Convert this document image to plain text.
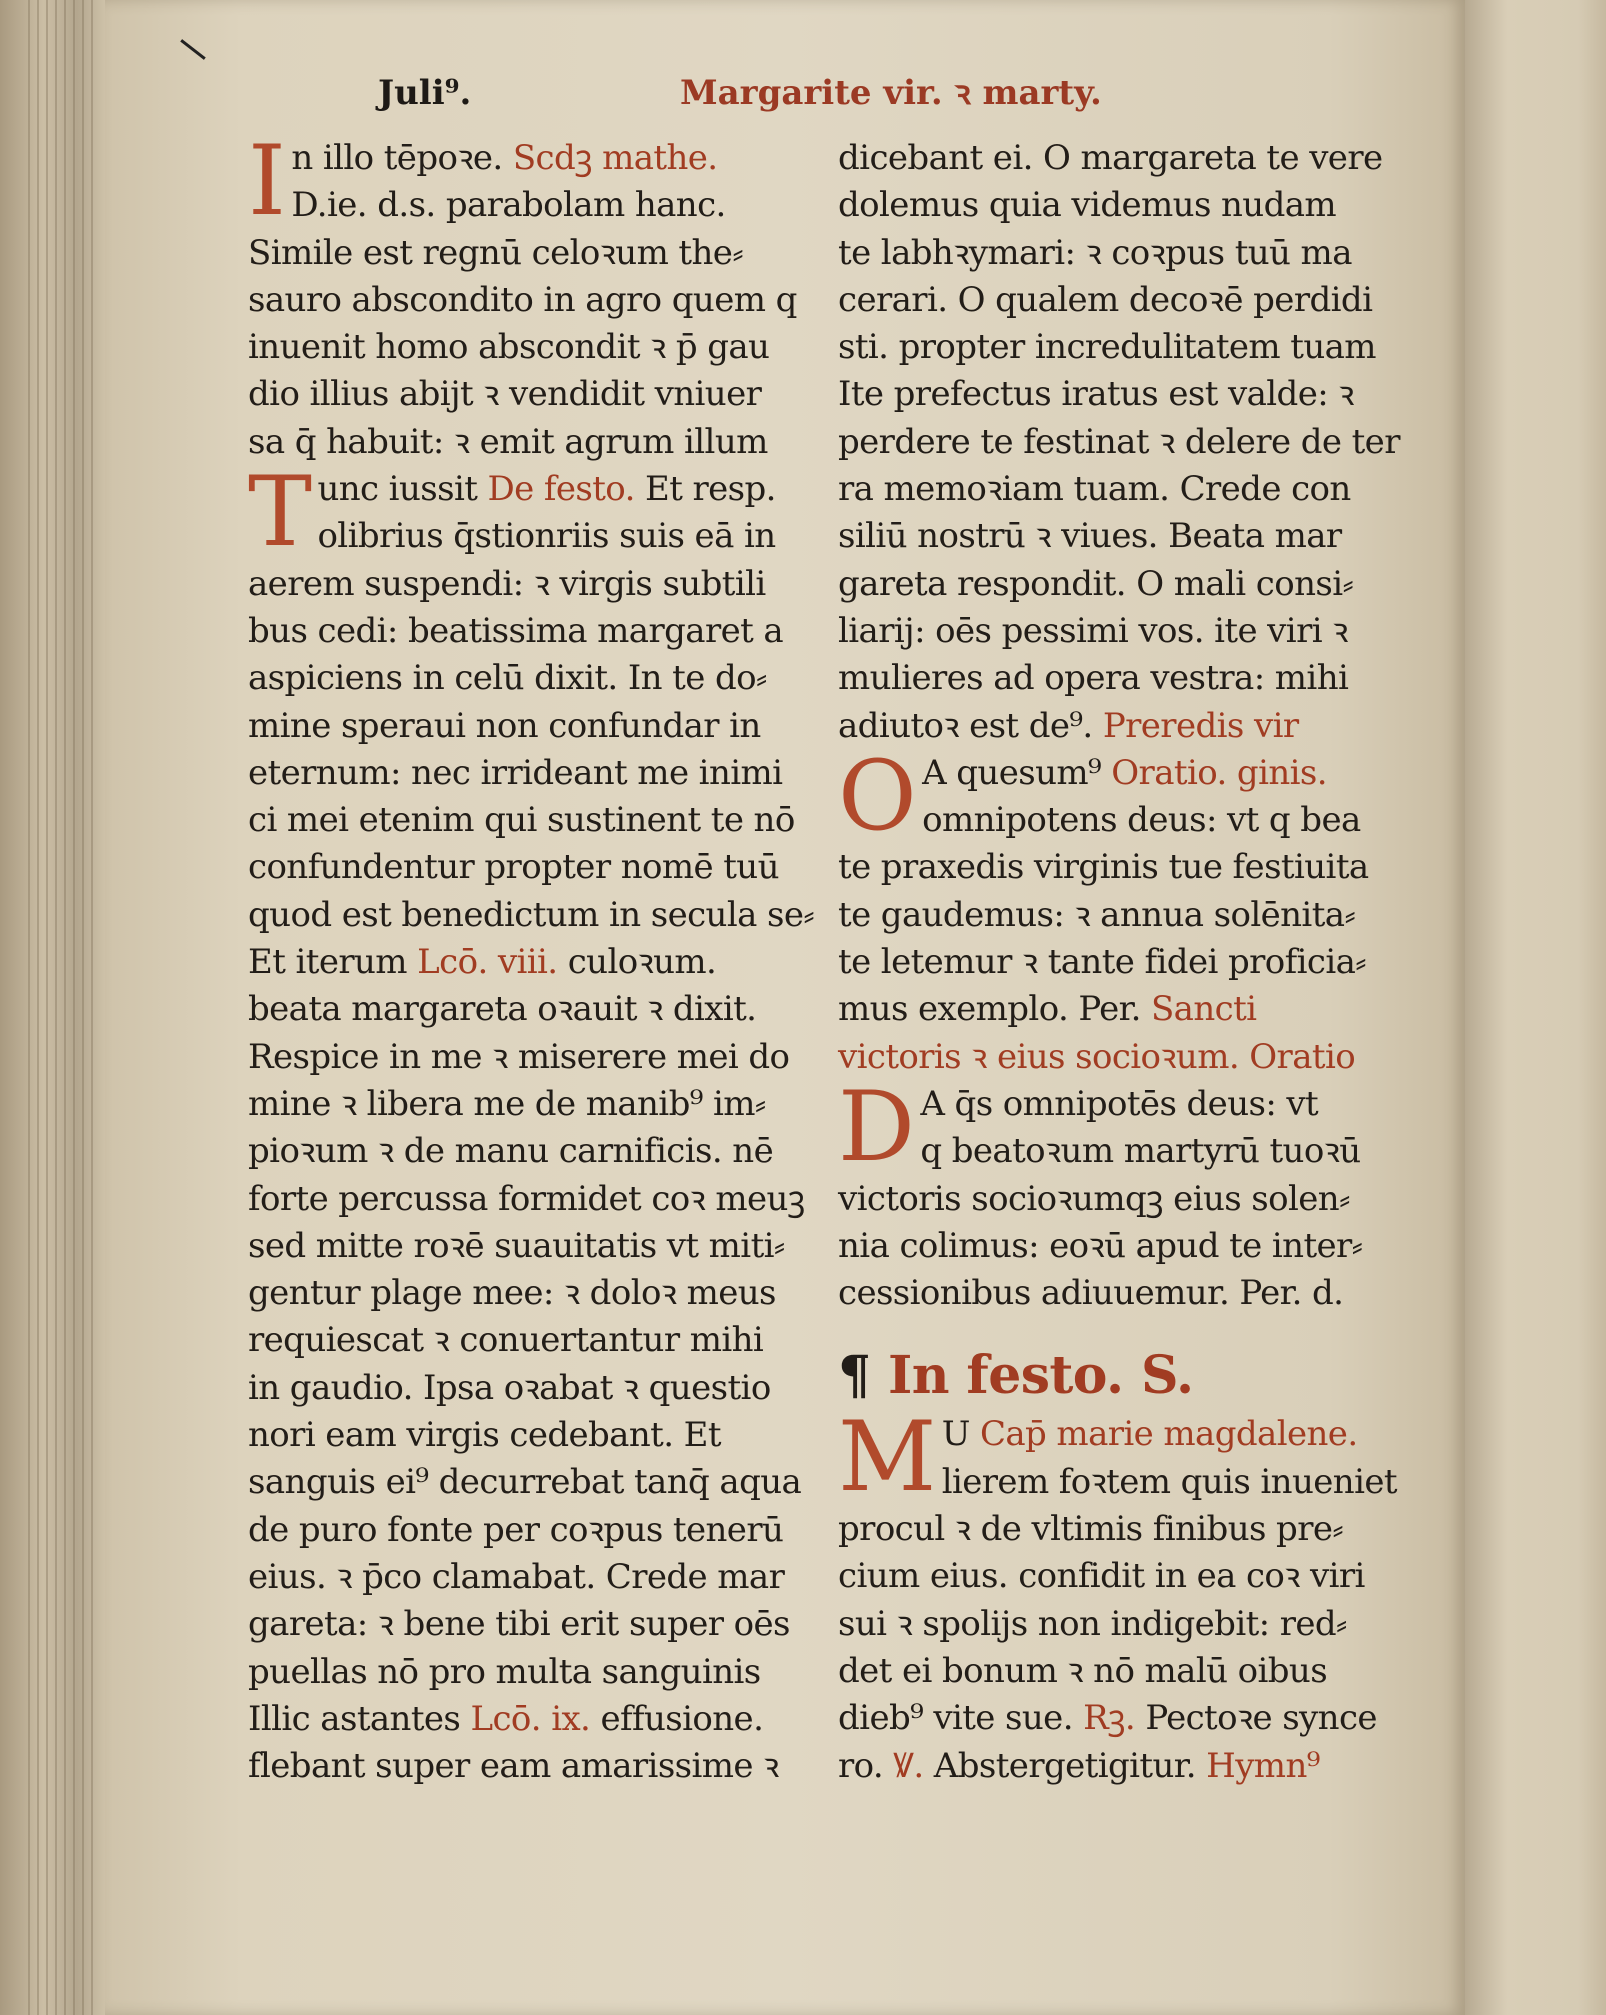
Juli⁹.	Margarite vir. ꝛ marty.
In illo tēpoꝛe. Scdꝫ mathe.
D.ie. d.s. parabolam hanc.
Simile est regnū celoꝛum the⸗
sauro abscondito in agro quem q
inuenit homo abscondit ꝛ p̄ gau
dio illius abijt ꝛ vendidit vniuer
sa q̄ habuit: ꝛ emit agrum illum
Tunc iussit De festo. Et resp.
olibrius q̄stionriis suis eā in
aerem suspendi: ꝛ virgis subtili
bus cedi: beatissima margaret a
aspiciens in celū dixit. In te do⸗
mine speraui non confundar in
eternum: nec irrideant me inimi
ci mei etenim qui sustinent te nō
confundentur propter nomē tuū
quod est benedictum in secula se⸗
Et iterum Lcō. viii. culoꝛum.
beata margareta oꝛauit ꝛ dixit.
Respice in me ꝛ miserere mei do
mine ꝛ libera me de manib⁹ im⸗
pioꝛum ꝛ de manu carnificis. nē
forte percussa formidet coꝛ meuꝫ
sed mitte roꝛē suauitatis vt miti⸗
gentur plage mee: ꝛ doloꝛ meus
requiescat ꝛ conuertantur mihi
in gaudio. Ipsa oꝛabat ꝛ questio
nori eam virgis cedebant. Et
sanguis ei⁹ decurrebat tanq̄ aqua
de puro fonte per coꝛpus tenerū
eius. ꝛ p̄co clamabat. Crede mar
gareta: ꝛ bene tibi erit super oēs
puellas nō pro multa sanguinis
Illic astantes Lcō. ix. effusione.
flebant super eam amarissime ꝛ
dicebant ei. O margareta te vere
dolemus quia videmus nudam
te labhꝛymari: ꝛ coꝛpus tuū ma
cerari. O qualem decoꝛē perdidi
sti. propter incredulitatem tuam
Ite prefectus iratus est valde: ꝛ
perdere te festinat ꝛ delere de ter
ra memoꝛiam tuam. Crede con
siliū nostrū ꝛ viues. Beata mar
gareta respondit. O mali consi⸗
liarij: oēs pessimi vos. ite viri ꝛ
mulieres ad opera vestra: mihi
adiutoꝛ est de⁹. Preredis vir
O A quesum⁹ Oratio. ginis.
omnipotens deus: vt q bea
te praxedis virginis tue festiuita
te gaudemus: ꝛ annua solēnita⸗
te letemur ꝛ tante fidei proficia⸗
mus exemplo. Per. Sancti
victoris ꝛ eius socioꝛum. Oratio
D A q̄s omnipotēs deus: vt
q beatoꝛum martyrū tuoꝛū
victoris socioꝛumqꝫ eius solen⸗
nia colimus: eoꝛū apud te inter⸗
cessionibus adiuuemur. Per. d.
¶ In festo. S.
M U Cap̄ marie magdalene.
lierem foꝛtem quis inueniet
procul ꝛ de vltimis finibus pre⸗
cium eius. confidit in ea coꝛ viri
sui ꝛ spolijs non indigebit: red⸗
det ei bonum ꝛ nō malū oibus
dieb⁹ vite sue. Rꝫ. Pectoꝛe synce
ro. Ꝟ. Abstergetigitur. Hymn⁹
